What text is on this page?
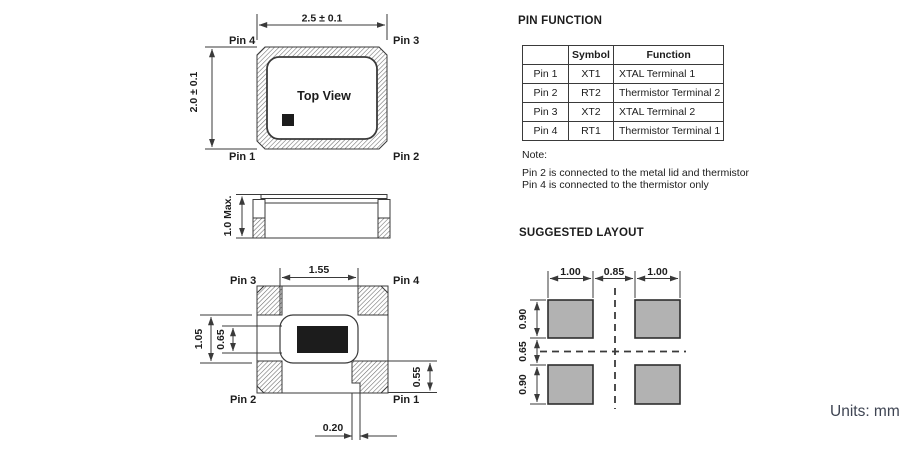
Top View
2.5 ± 0.1
2.0 ± 0.1
Pin 4	Pin 3
Pin 1	Pin 2
1.0 Max.
1.55
1.05 0.65
0.55
0.20
Pin 3	Pin 4
Pin 2	Pin 1
1.00 0.85 1.00
0.90
0.65
0.90
PIN FUNCTION
	Symbol	Function
Pin 1	XT1	XTAL Terminal 1
Pin 2	RT2	Thermistor Terminal 2
Pin 3	XT2	XTAL Terminal 2
Pin 4	RT1	Thermistor Terminal 1
Note:
Pin 2 is connected to the metal lid and thermistor
Pin 4 is connected to the thermistor only
SUGGESTED LAYOUT
Units: mm
